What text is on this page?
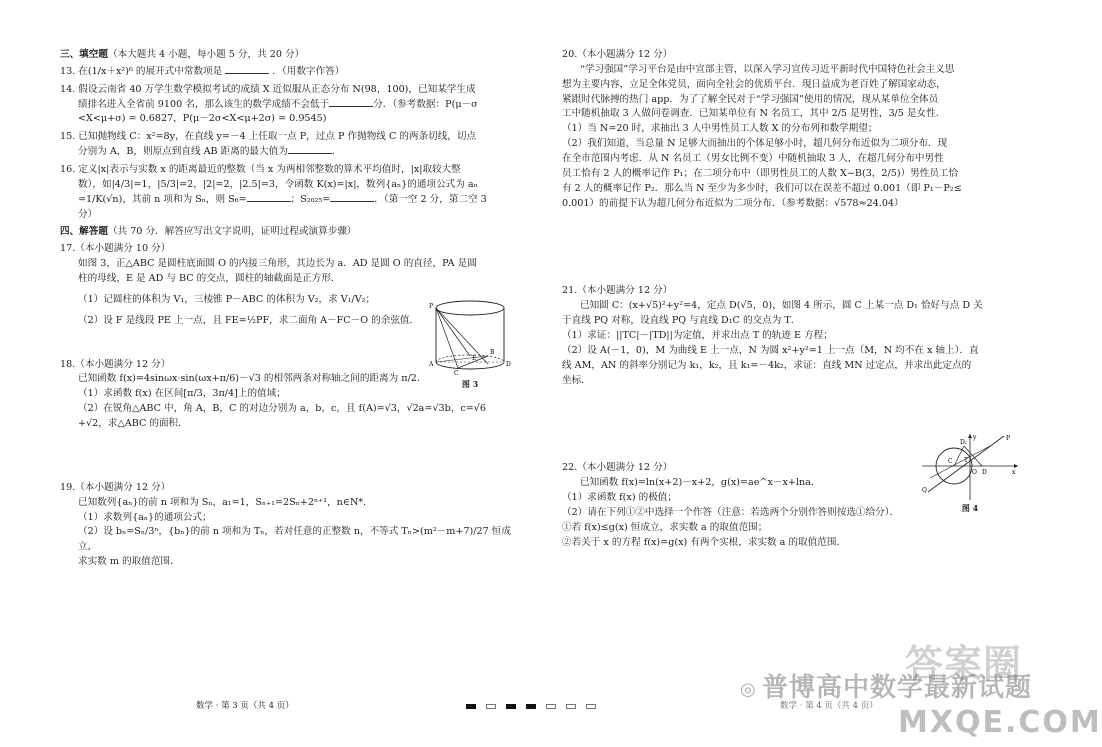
三、填空题（本大题共 4 小题，每小题 5 分，共 20 分）
13. 在(1/x＋x²)⁶ 的展开式中常数项是	．（用数字作答）
14. 假设云南省 40 万学生数学模拟考试的成绩 X 近似服从正态分布 N(98，100)，已知某学生成
绩排名进入全省前 9100 名，那么该生的数学成绩不会低于	分．（参考数据：P(μ－σ
<X<μ+σ) = 0.6827，P(μ－2σ<X<μ+2σ) = 0.9545)
15. 已知抛物线 C：x²=8y，在直线 y=－4 上任取一点 P，过点 P 作抛物线 C 的两条切线，切点
分别为 A，B，则原点到直线 AB 距离的最大值为	．
16. 定义|x|表示与实数 x 的距离最近的整数（当 x 为两相邻整数的算术平均值时，|x|取较大整
数），如|4/3|=1，|5/3|=2，|2|=2，|2.5|=3，令函数 K(x)=|x|，数列{aₙ}的通项公式为 aₙ
=1/K(√n)，其前 n 项和为 Sₙ，则 S₆=	；S₂₀₂₅=	．（第一空 2 分，第二空 3
分）
四、解答题（共 70 分．解答应写出文字说明，证明过程或演算步骤）
17.（本小题满分 10 分）
如图 3，正△ABC 是圆柱底面圆 O 的内接三角形，其边长为 a．AD 是圆 O 的直径，PA 是圆
柱的母线，E 是 AD 与 BC 的交点，圆柱的轴截面是正方形．
（1）记圆柱的体积为 V₁，三棱锥 P－ABC 的体积为 V₂，求 V₁/V₂；
（2）设 F 是线段 PE 上一点，且 FE=½PF，求二面角 A－FC－O 的余弦值．
18.（本小题满分 12 分）
已知函数 f(x)=4sinωx·sin(ωx+π/6)－√3 的相邻两条对称轴之间的距离为 π/2．
（1）求函数 f(x) 在区间[π/3，3π/4]上的值域；
（2）在锐角△ABC 中，角 A，B，C 的对边分别为 a，b，c，且 f(A)=√3，√2a=√3b，c=√6
+√2，求△ABC 的面积．
19.（本小题满分 12 分）
已知数列{aₙ}的前 n 项和为 Sₙ，a₁=1，Sₙ₊₁=2Sₙ+2ⁿ⁺¹，n∈N*．
（1）求数列{aₙ}的通项公式；
（2）设 bₙ=Sₙ/3ⁿ，{bₙ}的前 n 项和为 Tₙ，若对任意的正整数 n，不等式 Tₙ>(m²－m+7)/27 恒成立，
求实数 m 的取值范围．
P
A	D
B
C
E
图 3
20.（本小题满分 12 分）
“学习强国”学习平台是由中宣部主管，以深入学习宣传习近平新时代中国特色社会主义思
想为主要内容，立足全体党员，面向全社会的优质平台．現日益成为老百姓了解国家动态，
紧跟时代脉搏的热门 app．为了了解全民对于“学习强国”使用的情况，现从某单位全体员
工中随机抽取 3 人做问卷调查．已知某单位有 N 名员工，其中 2/5 是男性，3/5 是女性．
（1）当 N=20 时，求抽出 3 人中男性员工人数 X 的分布列和数学期望；
（2）我们知道，当总量 N 足够大而抽出的个体足够小时，超几何分布近似为二项分布．现
在全市范围内考虑．从 N 名员工（男女比例不变）中随机抽取 3 人，在超几何分布中男性
员工恰有 2 人的概率记作 P₁；在二项分布中（即男性员工的人数 X~B(3，2/5)）男性员工恰
有 2 人的概率记作 P₂．那么当 N 至少为多少时，我们可以在误差不超过 0.001（即 P₁－P₂≤
0.001）的前提下认为超几何分布近似为二项分布．（参考数据：√578≈24.04）
21.（本小题满分 12 分）
已知圆 C：(x+√5)²+y²=4，定点 D(√5，0)，如图 4 所示，圆 C 上某一点 D₁ 恰好与点 D 关
于直线 PQ 对称，设直线 PQ 与直线 D₁C 的交点为 T．
（1）求证：||TC|－|TD||为定值，并求出点 T 的轨迹 E 方程；
（2）设 A(－1，0)，M 为曲线 E 上一点，N 为圆 x²+y²=1 上一点（M，N 均不在 x 轴上）．直
线 AM，AN 的斜率分别记为 k₁，k₂，且 k₁=－4k₂，求证：直线 MN 过定点，并求出此定点的
坐标．
22.（本小题满分 12 分）
已知函数 f(x)=ln(x+2)－x+2，g(x)=ae^x－x+lna．
（1）求函数 f(x) 的极值；
（2）请在下列①②中选择一个作答（注意：若选两个分别作答则按选①给分）．
①若 f(x)≤g(x) 恒成立，求实数 a 的取值范围；
②若关于 x 的方程 f(x)=g(x) 有两个实根，求实数 a 的取值范围．
C
D₁
D
O
P
Q
T
x
y
图 4
数学 · 第 3 页（共 4 页）	数学 · 第 4 页（共 4 页）
◎ 普博高中数学最新试题
答案圈
MXQE.COM
